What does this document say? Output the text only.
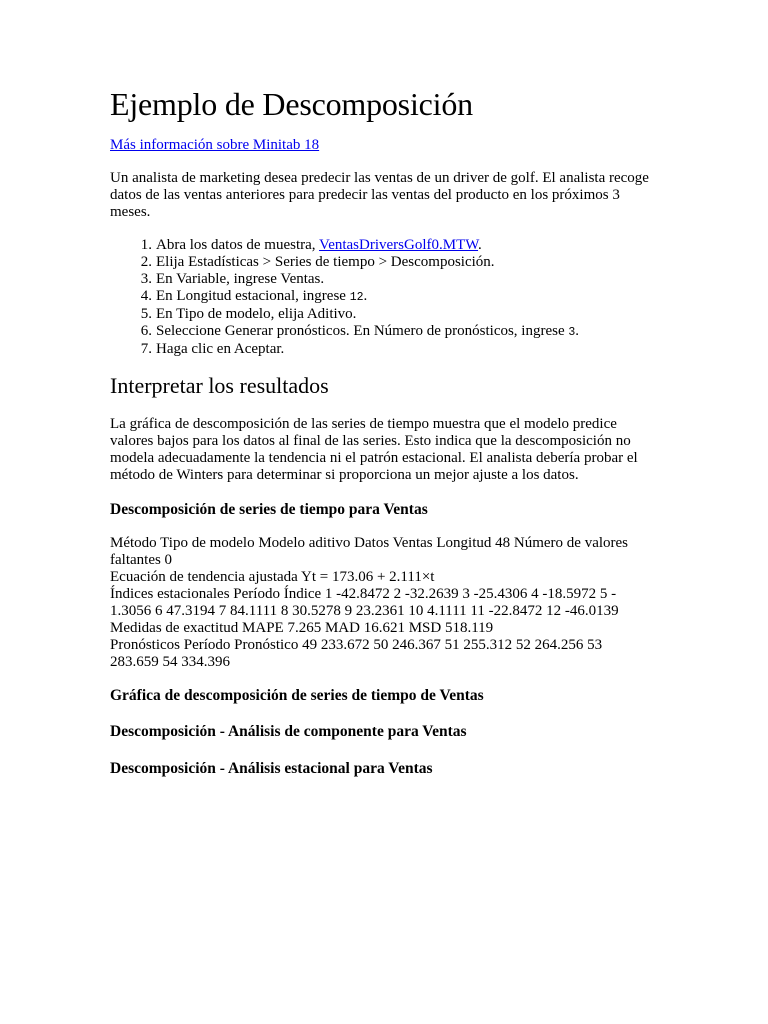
Ejemplo de Descomposición

Más información sobre Minitab 18

Un analista de marketing desea predecir las ventas de un driver de golf. El analista recoge datos de las ventas anteriores para predecir las ventas del producto en los próximos 3 meses.

1. Abra los datos de muestra, VentasDriversGolf0.MTW.
2. Elija Estadísticas > Series de tiempo > Descomposición.
3. En Variable, ingrese Ventas.
4. En Longitud estacional, ingrese 12.
5. En Tipo de modelo, elija Aditivo.
6. Seleccione Generar pronósticos. En Número de pronósticos, ingrese 3.
7. Haga clic en Aceptar.
Interpretar los resultados

La gráfica de descomposición de las series de tiempo muestra que el modelo predice valores bajos para los datos al final de las series. Esto indica que la descomposición no modela adecuadamente la tendencia ni el patrón estacional. El analista debería probar el método de Winters para determinar si proporciona un mejor ajuste a los datos.

Descomposición de series de tiempo para Ventas

Método Tipo de modelo Modelo aditivo Datos Ventas Longitud 48 Número de valores
faltantes 0
Ecuación de tendencia ajustada Yt = 173.06 + 2.111×t
Índices estacionales Período Índice 1 -42.8472 2 -32.2639 3 -25.4306 4 -18.5972 5 -
1.3056 6 47.3194 7 84.1111 8 30.5278 9 23.2361 10 4.1111 11 -22.8472 12 -46.0139
Medidas de exactitud MAPE 7.265 MAD 16.621 MSD 518.119
Pronósticos Período Pronóstico 49 233.672 50 246.367 51 255.312 52 264.256 53
283.659 54 334.396

Gráfica de descomposición de series de tiempo de Ventas
Descomposición - Análisis de componente para Ventas
Descomposición - Análisis estacional para Ventas
